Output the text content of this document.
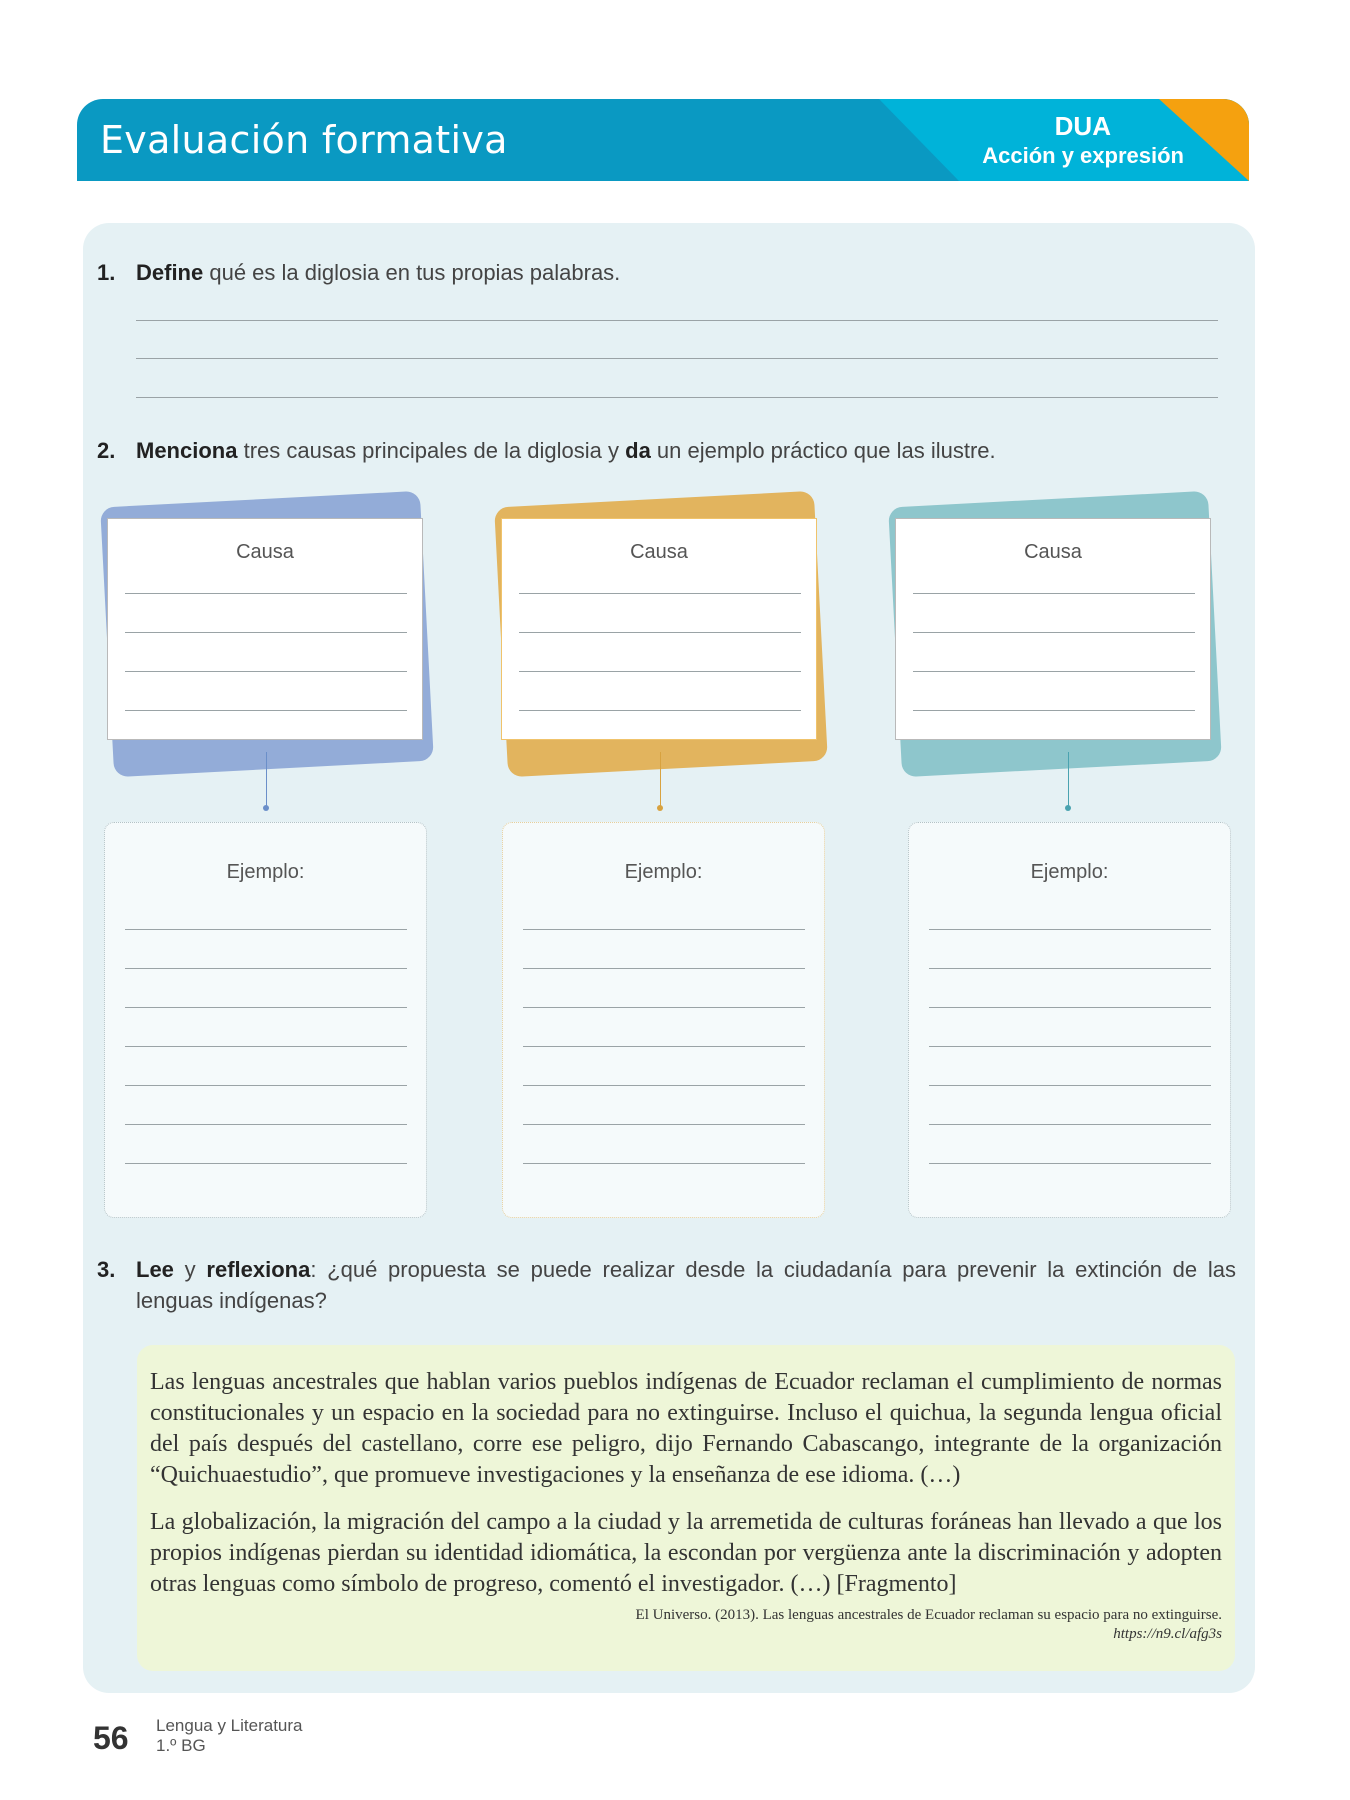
Evaluación formativa	DUA
Acción y expresión
1. Define qué es la diglosia en tus propias palabras.
2. Menciona tres causas principales de la diglosia y da un ejemplo práctico que las ilustre.
Causa	Causa	Causa
Ejemplo:	Ejemplo:	Ejemplo:
3. Lee y reflexiona: ¿qué propuesta se puede realizar desde la ciudadanía para prevenir la extinción de las lenguas indígenas?

Las lenguas ancestrales que hablan varios pueblos indígenas de Ecuador reclaman el cumplimiento de normas constitucionales y un espacio en la sociedad para no extinguirse. Incluso el quichua, la segunda lengua oficial del país después del castellano, corre ese peligro, dijo Fernando Cabascango, integrante de la organización “Quichuaestudio”, que promueve investigaciones y la enseñanza de ese idioma. (…)

La globalización, la migración del campo a la ciudad y la arremetida de culturas foráneas han llevado a que los propios indígenas pierdan su identidad idiomática, la escondan por vergüenza ante la discriminación y adopten otras lenguas como símbolo de progreso, comentó el investigador. (…) [Fragmento]

El Universo. (2013). Las lenguas ancestrales de Ecuador reclaman su espacio para no extinguirse.
https://n9.cl/afg3s
56 Lengua y Literatura
1.º BG
